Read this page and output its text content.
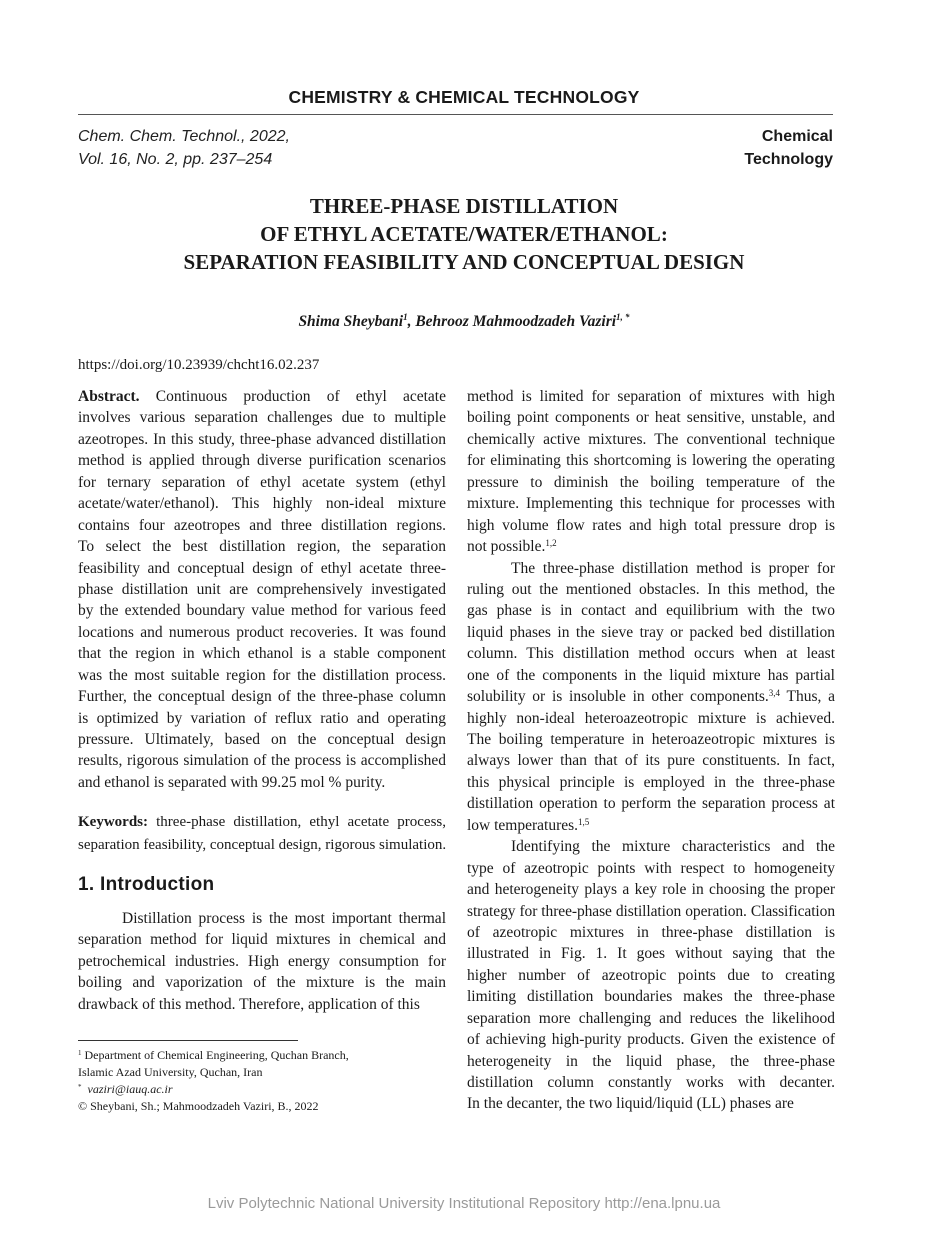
CHEMISTRY & CHEMICAL TECHNOLOGY
Chem. Chem. Technol., 2022,
Vol. 16, No. 2, pp. 237–254
Chemical
Technology
THREE-PHASE DISTILLATION
OF ETHYL ACETATE/WATER/ETHANOL:
SEPARATION FEASIBILITY AND CONCEPTUAL DESIGN
Shima Sheybani$^1$, Behrooz Mahmoodzadeh Vaziri$^{1, *}$
https://doi.org/10.23939/chcht16.02.237
Abstract. Continuous production of ethyl acetate
involves various separation challenges due to multiple
azeotropes. In this study, three-phase advanced distillation
method is applied through diverse purification scenarios
for ternary separation of ethyl acetate system (ethyl
acetate/water/ethanol). This highly non-ideal mixture
contains four azeotropes and three distillation regions.
To select the best distillation region, the separation
feasibility and conceptual design of ethyl acetate three-
phase distillation unit are comprehensively investigated
by the extended boundary value method for various feed
locations and numerous product recoveries. It was found
that the region in which ethanol is a stable component
was the most suitable region for the distillation process.
Further, the conceptual design of the three-phase column
is optimized by variation of reflux ratio and operating
pressure. Ultimately, based on the conceptual design
results, rigorous simulation of the process is accomplished
and ethanol is separated with 99.25 mol % purity.
Keywords: three-phase distillation, ethyl acetate process,
separation feasibility, conceptual design, rigorous simulation.
1. Introduction
Distillation process is the most important thermal
separation method for liquid mixtures in chemical and
petrochemical industries. High energy consumption for
boiling and vaporization of the mixture is the main
drawback of this method. Therefore, application of this
method is limited for separation of mixtures with high
boiling point components or heat sensitive, unstable, and
chemically active mixtures. The conventional technique
for eliminating this shortcoming is lowering the operating
pressure to diminish the boiling temperature of the
mixture. Implementing this technique for processes with
high volume flow rates and high total pressure drop is
not possible.$^{1,2}$
The three-phase distillation method is proper for
ruling out the mentioned obstacles. In this method, the
gas phase is in contact and equilibrium with the two
liquid phases in the sieve tray or packed bed distillation
column. This distillation method occurs when at least
one of the components in the liquid mixture has partial
solubility or is insoluble in other components.$^{3,4}$ Thus, a
highly non-ideal heteroazeotropic mixture is achieved.
The boiling temperature in heteroazeotropic mixtures is
always lower than that of its pure constituents. In fact,
this physical principle is employed in the three-phase
distillation operation to perform the separation process at
low temperatures.$^{1,5}$
Identifying the mixture characteristics and the
type of azeotropic points with respect to homogeneity
and heterogeneity plays a key role in choosing the proper
strategy for three-phase distillation operation. Classification
of azeotropic mixtures in three-phase distillation is
illustrated in Fig. 1. It goes without saying that the
higher number of azeotropic points due to creating
limiting distillation boundaries makes the three-phase
separation more challenging and reduces the likelihood
of achieving high-purity products. Given the existence of
heterogeneity in the liquid phase, the three-phase
distillation column constantly works with decanter.
In the decanter, the two liquid/liquid (LL) phases are
$^1$ Department of Chemical Engineering, Quchan Branch,
Islamic Azad University, Quchan, Iran
* vaziri@iauq.ac.ir
© Sheybani, Sh.; Mahmoodzadeh Vaziri, B., 2022
Lviv Polytechnic National University Institutional Repository http://ena.lpnu.ua
